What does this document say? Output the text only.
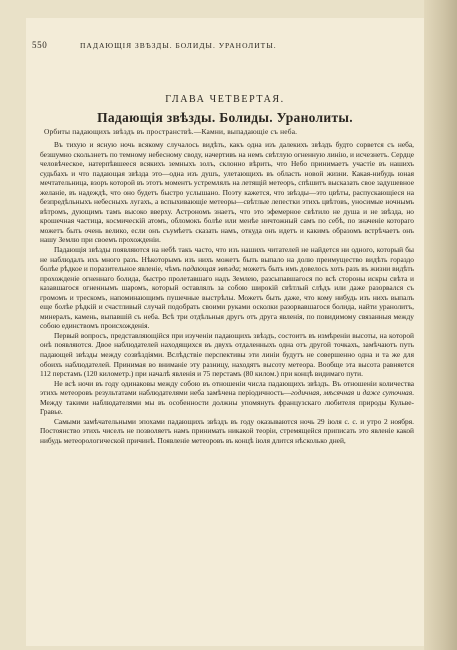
550	ПАДАЮЩІЯ ЗВѢЗДЫ. БОЛИДЫ. УРАНОЛИТЫ.
ГЛАВА ЧЕТВЕРТАЯ.
Падающія звѣзды. Болиды. Уранолиты.
Орбиты падающихъ звѣздъ въ пространствѣ.—Камни, выпадающіе съ неба.

Въ тихую и ясную ночь всякому случалось видѣть, какъ одна изъ далекихъ звѣздъ будто сорвется съ неба, безшумно скользнетъ по темному небесному своду, начертивъ на немъ свѣтлую огненную линію, и исчезнетъ. Сердце человѣческое, натерпѣвшееся всякихъ земныхъ золъ, склонно вѣрить, что Небо принимаетъ участіе въ нашихъ судьбахъ и что падающая звѣзда это—одна изъ душъ, улетающихъ въ область новой жизни. Какая-нибудь юная мечтательница, взоръ которой въ этотъ моментъ устремлялъ на летящій метеоръ, спѣшитъ высказать свое задушевное желаніе, въ надеждѣ, что оно будетъ быстро услышано. Поэту кажется, что звѣзды—это цвѣты, распускающіеся на безпредѣльныхъ небесныхъ лугахъ, а вспыхивающіе метеоры—свѣтлые лепестки этихъ цвѣтовъ, уносимые ночнымъ вѣтромъ, дующимъ тамъ высоко вверху. Астрономъ знаетъ, что это эфемерное свѣтило не душа и не звѣзда, но крошечная частица, космическій атомъ, обломокъ болѣе или менѣе ничтожный самъ по себѣ, по значеніе котораго можетъ быть очень велико, если онъ съумѣетъ сказать намъ, откуда онъ идетъ и какимъ образомъ встрѣчаетъ онъ нашу Землю при своемъ прохожденіи.

Падающія звѣзды появляются на небѣ такъ часто, что изъ нашихъ читателей не найдется ни одного, который бы не наблюдалъ ихъ много разъ. Нѣкоторымъ изъ нихъ можетъ быть выпало на долю преимущество видѣть гораздо болѣе рѣдкое и поразительное явленіе, чѣмъ падающая звѣзда; можетъ быть имъ довелось хоть разъ въ жизни видѣть прохожденіе огненнаго болида, быстро пролетавшаго надъ Землею, разсыпавшагося по всѣ стороны искры свѣта и казавшагося огненнымъ шаромъ, который оставлялъ за собою широкій свѣтлый слѣдъ или даже разорвался съ громомъ и трескомъ, напоминающимъ пушечные выстрѣлы. Можетъ быть даже, что кому нибудь изъ нихъ выпалъ еще болѣе рѣдкій и счастливый случай подобрать своими руками осколки разорвавшагося болида, найти уранолитъ, минералъ, камень, выпавшій съ неба. Всѣ три отдѣльныя другъ отъ друга явленія, по повидимому связанныя между собою единствомъ происхожденія.

Первый вопросъ, представляющійся при изученіи падающихъ звѣздъ, состоитъ въ измѣреніи высоты, на которой онѣ появляются. Двое наблюдателей находящихся въ двухъ отдаленныхъ одна отъ другой точкахъ, замѣчаютъ путь падающей звѣзды между созвѣздіями. Вслѣдствіе перспективы эти линіи будутъ не совершенно одна и та же для обоихъ наблюдателей. Принимая во вниманіе эту разницу, находятъ высоту метеора. Вообще эта высота равняется 112 перстамъ (120 километр.) при началѣ явленія и 75 перстамъ (80 килом.) при концѣ видимаго пути.

Не всѣ ночи въ году одинаковы между собою въ отношеніи числа падающихъ звѣздъ. Въ отношеніи количества этихъ метеоровъ результатами наблюдателями неба замѣчена періодичность—годичная, мѣсячная и даже суточная. Между такими наблюдателями мы въ особенности должны упомянуть французскаго любителя природы Кульве-Гравье.

Самыми замѣчательными эпохами падающихъ звѣздъ въ году оказываются ночь 29 іюля с. с. и утро 2 ноября. Постоянство этихъ чиселъ не позволяетъ намъ принимать никакой теоріи, стремящейся приписать это явленіе какой нибудь метеорологической причинѣ. Появленіе метеоровъ въ концѣ іюля длится нѣсколько дней,
